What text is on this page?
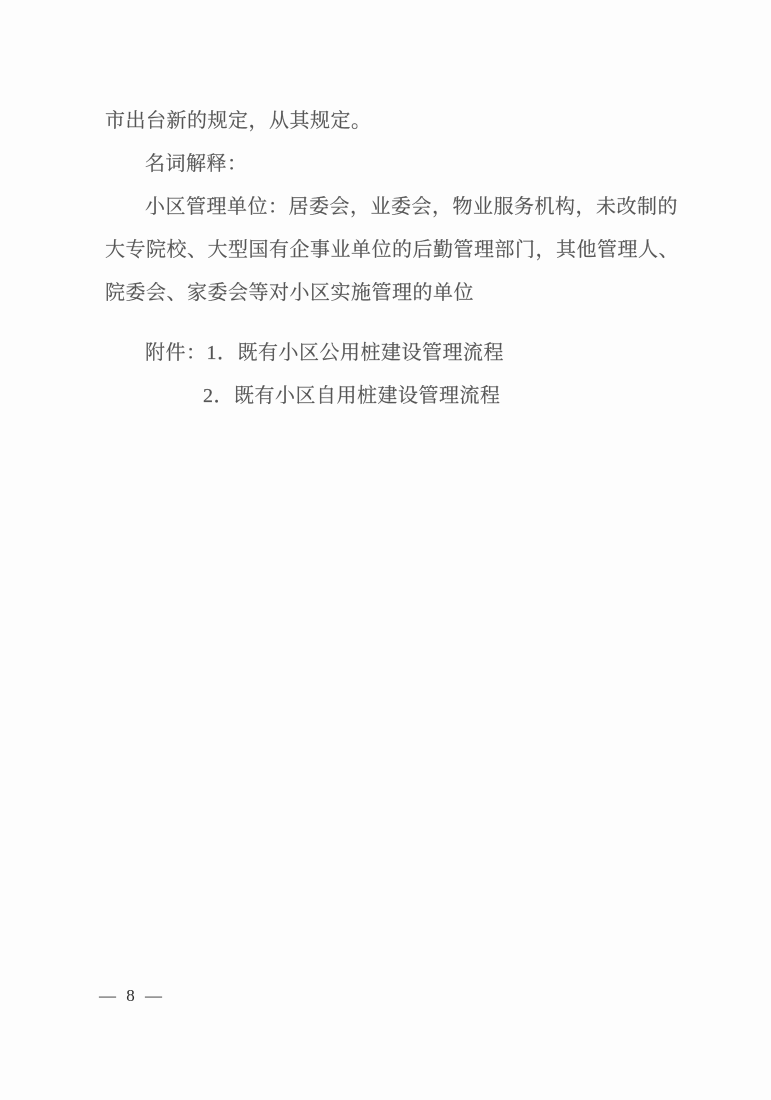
市出台新的规定，从其规定。
名词解释：
小区管理单位：居委会，业委会，物业服务机构，未改制的
大专院校、大型国有企事业单位的后勤管理部门，其他管理人、
院委会、家委会等对小区实施管理的单位
附件：1．既有小区公用桩建设管理流程
2．既有小区自用桩建设管理流程
— 8 —
